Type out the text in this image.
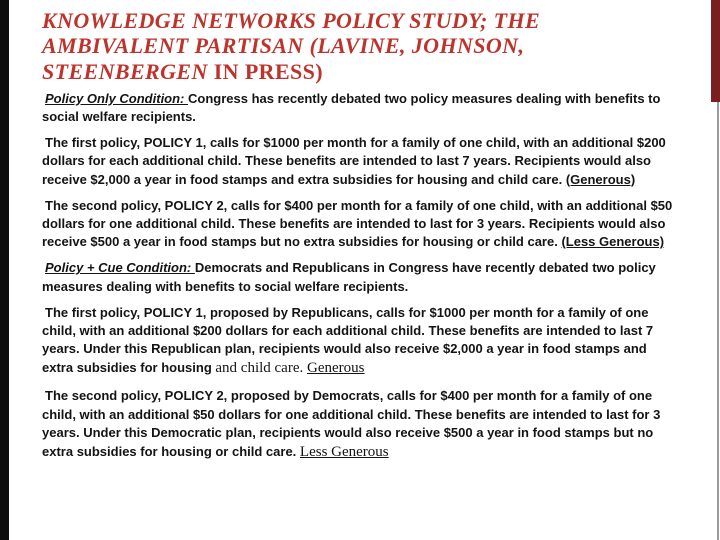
KNOWLEDGE NETWORKS POLICY STUDY; THE
AMBIVALENT PARTISAN (LAVINE, JOHNSON,
STEENBERGEN IN PRESS)

Policy Only Condition: Congress has recently debated two policy measures dealing with benefits to social welfare recipients.

The first policy, POLICY 1, calls for $1000 per month for a family of one child, with an additional $200 dollars for each additional child. These benefits are intended to last 7 years. Recipients would also receive $2,000 a year in food stamps and extra subsidies for housing and child care. (Generous)

The second policy, POLICY 2, calls for $400 per month for a family of one child, with an additional $50 dollars for one additional child. These benefits are intended to last for 3 years. Recipients would also receive $500 a year in food stamps but no extra subsidies for housing or child care. (Less Generous)

Policy + Cue Condition: Democrats and Republicans in Congress have recently debated two policy measures dealing with benefits to social welfare recipients.

The first policy, POLICY 1, proposed by Republicans, calls for $1000 per month for a family of one child, with an additional $200 dollars for each additional child. These benefits are intended to last 7 years. Under this Republican plan, recipients would also receive $2,000 a year in food stamps and extra subsidies for housing and child care. Generous

The second policy, POLICY 2, proposed by Democrats, calls for $400 per month for a family of one child, with an additional $50 dollars for one additional child. These benefits are intended to last for 3 years. Under this Democratic plan, recipients would also receive $500 a year in food stamps but no extra subsidies for housing or child care. Less Generous
